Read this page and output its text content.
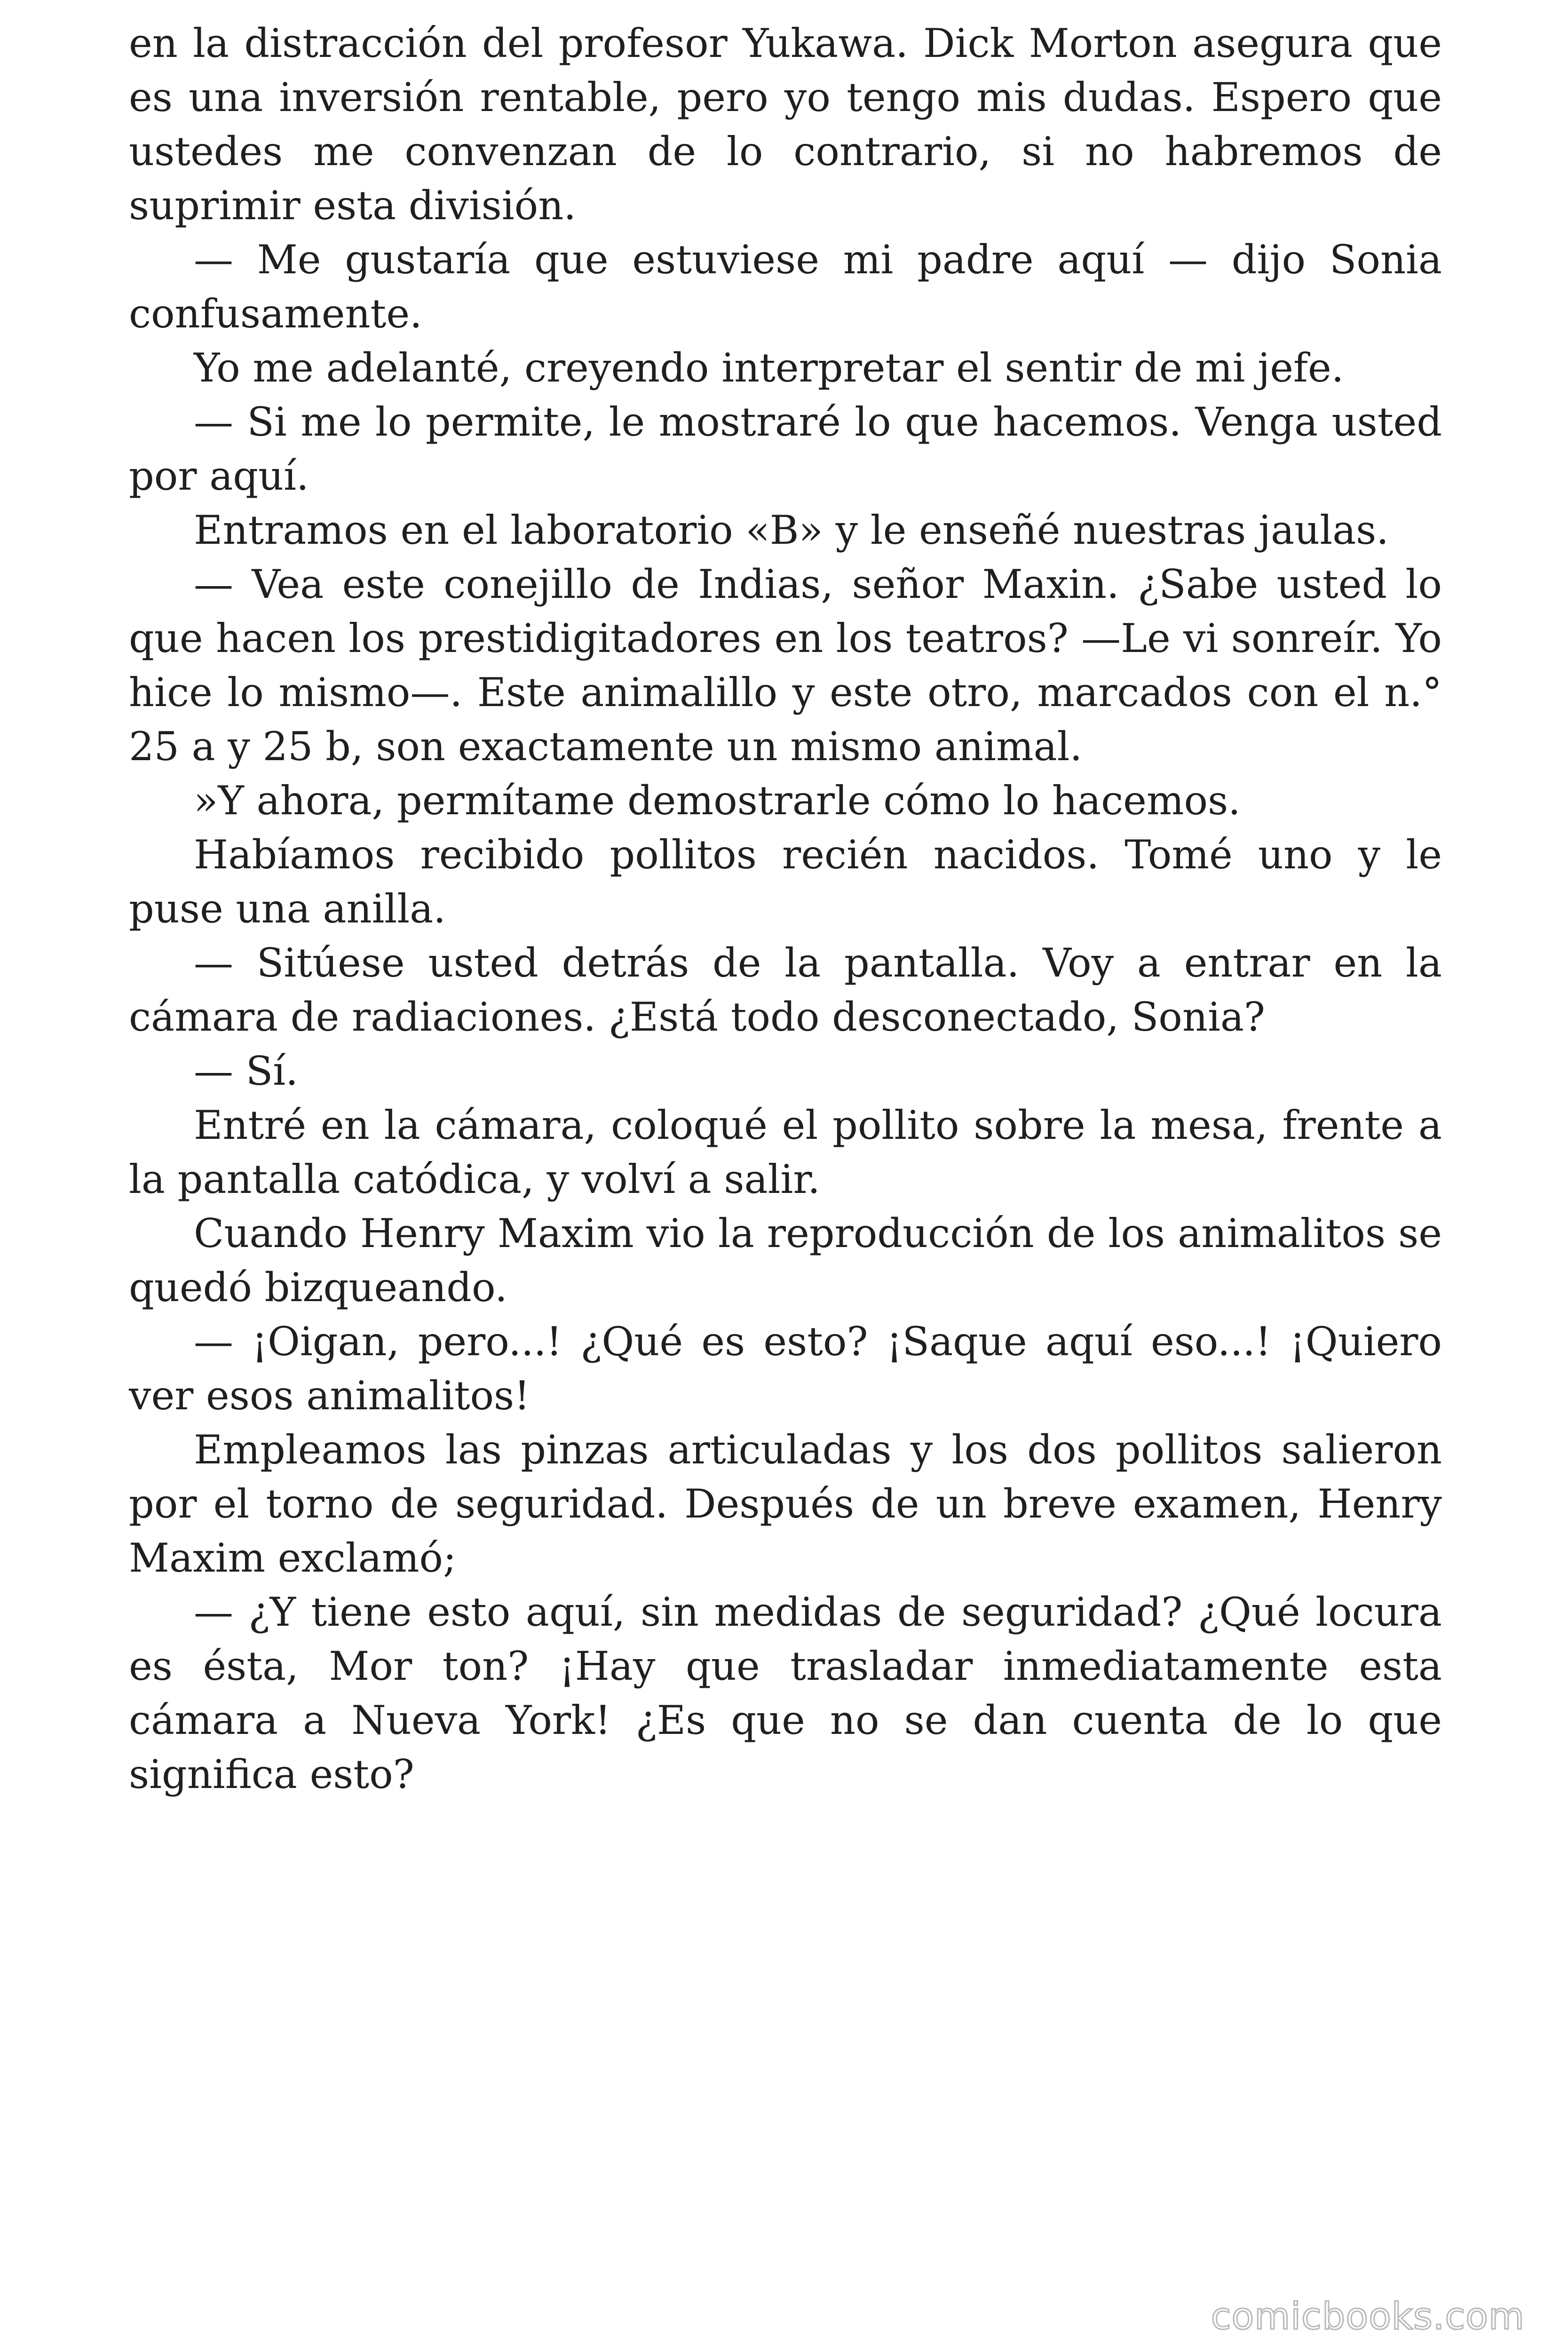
en la distracción del profesor Yukawa. Dick Morton asegura que es una inversión rentable, pero yo tengo mis dudas. Espero que ustedes me convenzan de lo contrario, si no habremos de suprimir esta división.

— Me gustaría que estuviese mi padre aquí — dijo Sonia confusamente.

Yo me adelanté, creyendo interpretar el sentir de mi jefe.

— Si me lo permite, le mostraré lo que hacemos. Venga usted por aquí.

Entramos en el laboratorio «B» y le enseñé nuestras jaulas.

— Vea este conejillo de Indias, señor Maxin. ¿Sabe usted lo que hacen los prestidigitadores en los teatros? —Le vi sonreír. Yo hice lo mismo—. Este animalillo y este otro, marcados con el n.° 25 a y 25 b, son exactamente un mismo animal.

»Y ahora, permítame demostrarle cómo lo hacemos.

Habíamos recibido pollitos recién nacidos. Tomé uno y le puse una anilla.

— Sitúese usted detrás de la pantalla. Voy a entrar en la cámara de radiaciones. ¿Está todo desconectado, Sonia?

— Sí.

Entré en la cámara, coloqué el pollito sobre la mesa, frente a la pantalla catódica, y volví a salir.

Cuando Henry Maxim vio la reproducción de los animalitos se quedó bizqueando.

— ¡Oigan, pero...! ¿Qué es esto? ¡Saque aquí eso...! ¡Quiero ver esos animalitos!

Empleamos las pinzas articuladas y los dos pollitos salieron por el torno de seguridad. Después de un breve examen, Henry Maxim exclamó;

— ¿Y tiene esto aquí, sin medidas de seguridad? ¿Qué locura es ésta, Mor ton? ¡Hay que trasladar inmediatamente esta cámara a Nueva York! ¿Es que no se dan cuenta de lo que significa esto?

comicbooks.com
